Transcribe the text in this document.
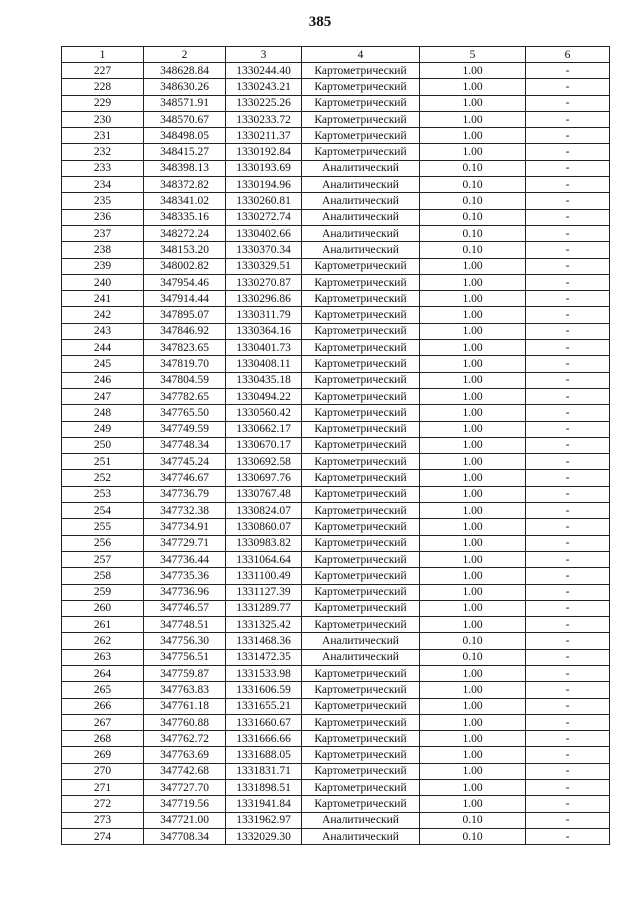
385
1	2	3	4	5	6
227	348628.84	1330244.40	Картометрический	1.00	-
228	348630.26	1330243.21	Картометрический	1.00	-
229	348571.91	1330225.26	Картометрический	1.00	-
230	348570.67	1330233.72	Картометрический	1.00	-
231	348498.05	1330211.37	Картометрический	1.00	-
232	348415.27	1330192.84	Картометрический	1.00	-
233	348398.13	1330193.69	Аналитический	0.10	-
234	348372.82	1330194.96	Аналитический	0.10	-
235	348341.02	1330260.81	Аналитический	0.10	-
236	348335.16	1330272.74	Аналитический	0.10	-
237	348272.24	1330402.66	Аналитический	0.10	-
238	348153.20	1330370.34	Аналитический	0.10	-
239	348002.82	1330329.51	Картометрический	1.00	-
240	347954.46	1330270.87	Картометрический	1.00	-
241	347914.44	1330296.86	Картометрический	1.00	-
242	347895.07	1330311.79	Картометрический	1.00	-
243	347846.92	1330364.16	Картометрический	1.00	-
244	347823.65	1330401.73	Картометрический	1.00	-
245	347819.70	1330408.11	Картометрический	1.00	-
246	347804.59	1330435.18	Картометрический	1.00	-
247	347782.65	1330494.22	Картометрический	1.00	-
248	347765.50	1330560.42	Картометрический	1.00	-
249	347749.59	1330662.17	Картометрический	1.00	-
250	347748.34	1330670.17	Картометрический	1.00	-
251	347745.24	1330692.58	Картометрический	1.00	-
252	347746.67	1330697.76	Картометрический	1.00	-
253	347736.79	1330767.48	Картометрический	1.00	-
254	347732.38	1330824.07	Картометрический	1.00	-
255	347734.91	1330860.07	Картометрический	1.00	-
256	347729.71	1330983.82	Картометрический	1.00	-
257	347736.44	1331064.64	Картометрический	1.00	-
258	347735.36	1331100.49	Картометрический	1.00	-
259	347736.96	1331127.39	Картометрический	1.00	-
260	347746.57	1331289.77	Картометрический	1.00	-
261	347748.51	1331325.42	Картометрический	1.00	-
262	347756.30	1331468.36	Аналитический	0.10	-
263	347756.51	1331472.35	Аналитический	0.10	-
264	347759.87	1331533.98	Картометрический	1.00	-
265	347763.83	1331606.59	Картометрический	1.00	-
266	347761.18	1331655.21	Картометрический	1.00	-
267	347760.88	1331660.67	Картометрический	1.00	-
268	347762.72	1331666.66	Картометрический	1.00	-
269	347763.69	1331688.05	Картометрический	1.00	-
270	347742.68	1331831.71	Картометрический	1.00	-
271	347727.70	1331898.51	Картометрический	1.00	-
272	347719.56	1331941.84	Картометрический	1.00	-
273	347721.00	1331962.97	Аналитический	0.10	-
274	347708.34	1332029.30	Аналитический	0.10	-
